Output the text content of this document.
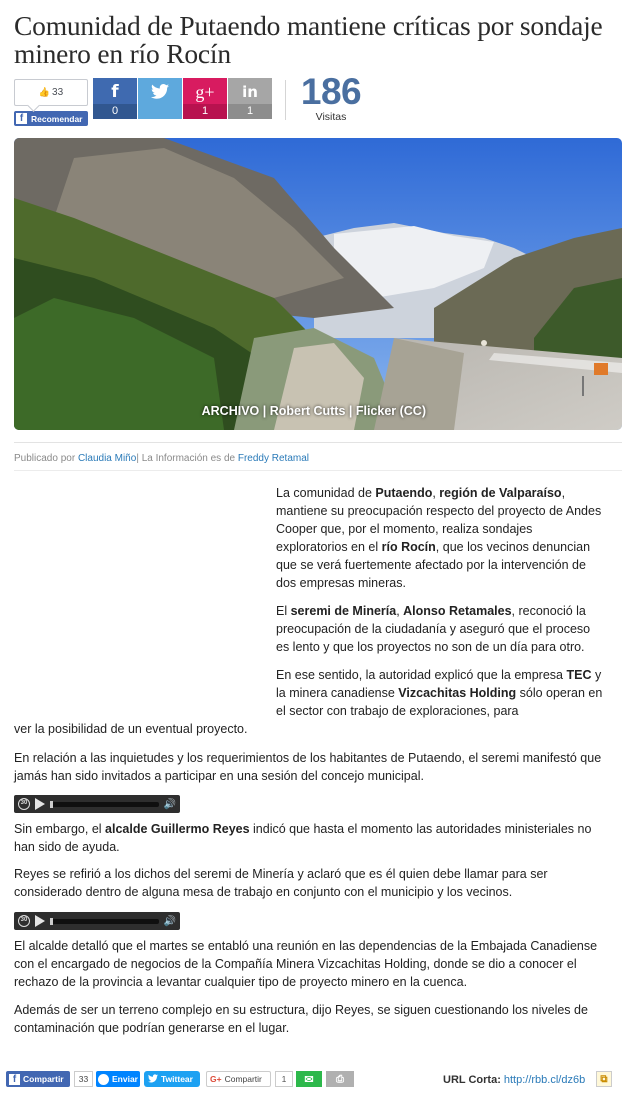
Comunidad de Putaendo mantiene críticas por sondaje minero en río Rocín
👍 33
f Recomendar
f
0
g+
1
in
1	186
Visitas
ARCHIVO | Robert Cutts | Flicker (CC)
Publicado por Claudia Miño| La Información es de Freddy Retamal

La comunidad de Putaendo, región de Valparaíso, mantiene su preocupación respecto del proyecto de Andes Cooper que, por el momento, realiza sondajes exploratorios en el río Rocín, que los vecinos denuncian que se verá fuertemente afectado por la intervención de dos empresas mineras.

El seremi de Minería, Alonso Retamales, reconoció la preocupación de la ciudadanía y aseguró que el proceso es lento y que los proyectos no son de un día para otro.

En ese sentido, la autoridad explicó que la empresa TEC y la minera canadiense Vizcachitas Holding sólo operan en el sector con trabajo de exploraciones, para

ver la posibilidad de un eventual proyecto.

En relación a las inquietudes y los requerimientos de los habitantes de Putaendo, el seremi manifestó que jamás han sido invitados a participar en una sesión del concejo municipal.

30	🔊

Sin embargo, el alcalde Guillermo Reyes indicó que hasta el momento las autoridades ministeriales no han sido de ayuda.

Reyes se refirió a los dichos del seremi de Minería y aclaró que es él quien debe llamar para ser considerado dentro de alguna mesa de trabajo en conjunto con el municipio y los vecinos.

30	🔊

El alcalde detalló que el martes se entabló una reunión en las dependencias de la Embajada Canadiense con el encargado de negocios de la Compañía Minera Vizcachitas Holding, donde se dio a conocer el rechazo de la provincia a levantar cualquier tipo de proyecto minero en la cuenca.

Además de ser un terreno complejo en su estructura, dijo Reyes, se siguen cuestionando los niveles de contaminación que podrían generarse en el lugar.

f Compartir	33	Enviar	Twittear G+ Compartir	1	✉ ⎙	URL Corta: http://rbb.cl/dz6b ⧉
